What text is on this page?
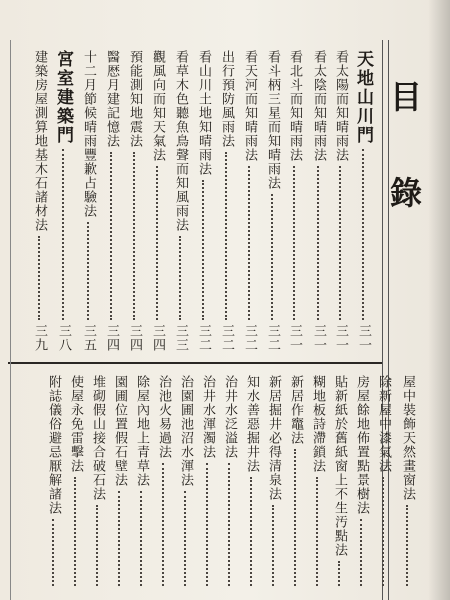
目
錄
天地山川門
三一
看太陽而知晴雨法
三一
看太陰而知晴雨法
三一
看北斗而知晴雨法
三一
看斗柄三星而知晴雨法
三二
看天河而知晴雨法
三二
出行預防風雨法
三二
看山川土地知晴雨法
三二
看草木色聽魚鳥聲而知風雨法
三三
觀風向而知天氣法
三四
預能測知地震法
三四
醫厯月建記憶法
三四
十二月節候晴雨豐歉占驗法
三五
宮室建築門
三八
建築房屋測算地基木石諸材法
三九
屋中裝飾天然畫窗法
除新屋中漆氣法
房屋餘地佈置點景樹法
貼新紙於舊紙窗上不生汚點法
糊地板詩滯鎖法
新居作竈法
新居掘井必得清泉法
知水善惡掘井法
治井水泛溢法
治井水渾濁法
治園圃池沼水渾法
治池火易過法
除屋內地上青草法
園圃位置假石壁法
堆砌假山接合破石法
使屋永免雷擊法
附誌儀俗避忌厭解諸法
